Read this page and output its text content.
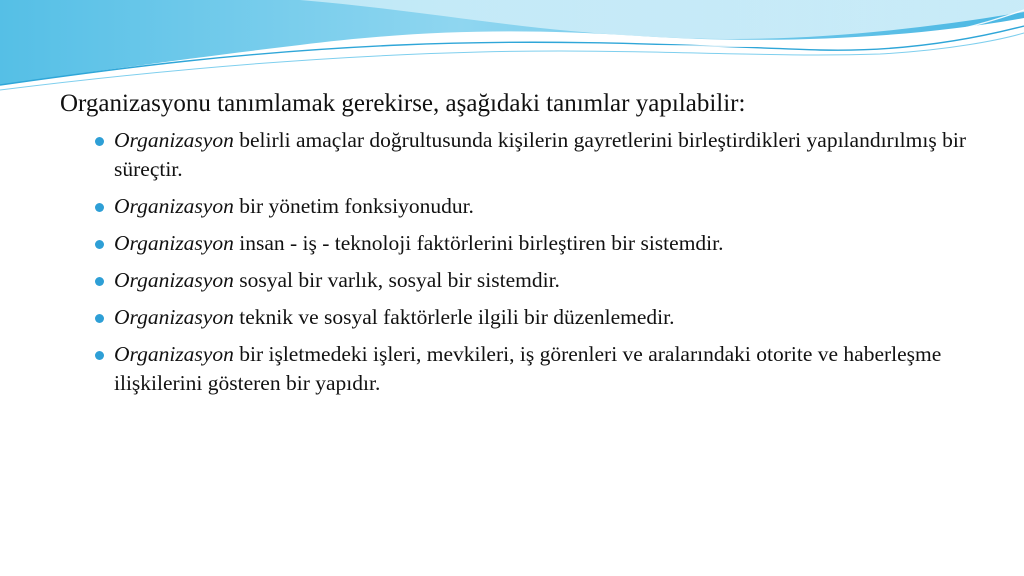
Organizasyonu tanımlamak gerekirse, aşağıdaki tanımlar yapılabilir:
Organizasyon belirli amaçlar doğrultusunda kişilerin gayretlerini birleştirdikleri yapılandırılmış bir süreçtir.
Organizasyon bir yönetim fonksiyonudur.
Organizasyon insan - iş - teknoloji faktörlerini birleştiren bir sistemdir.
Organizasyon sosyal bir varlık, sosyal bir sistemdir.
Organizasyon teknik ve sosyal faktörlerle ilgili bir düzenlemedir.
Organizasyon bir işletmedeki işleri, mevkileri, iş görenleri ve aralarındaki otorite ve haberleşme ilişkilerini gösteren bir yapıdır.
